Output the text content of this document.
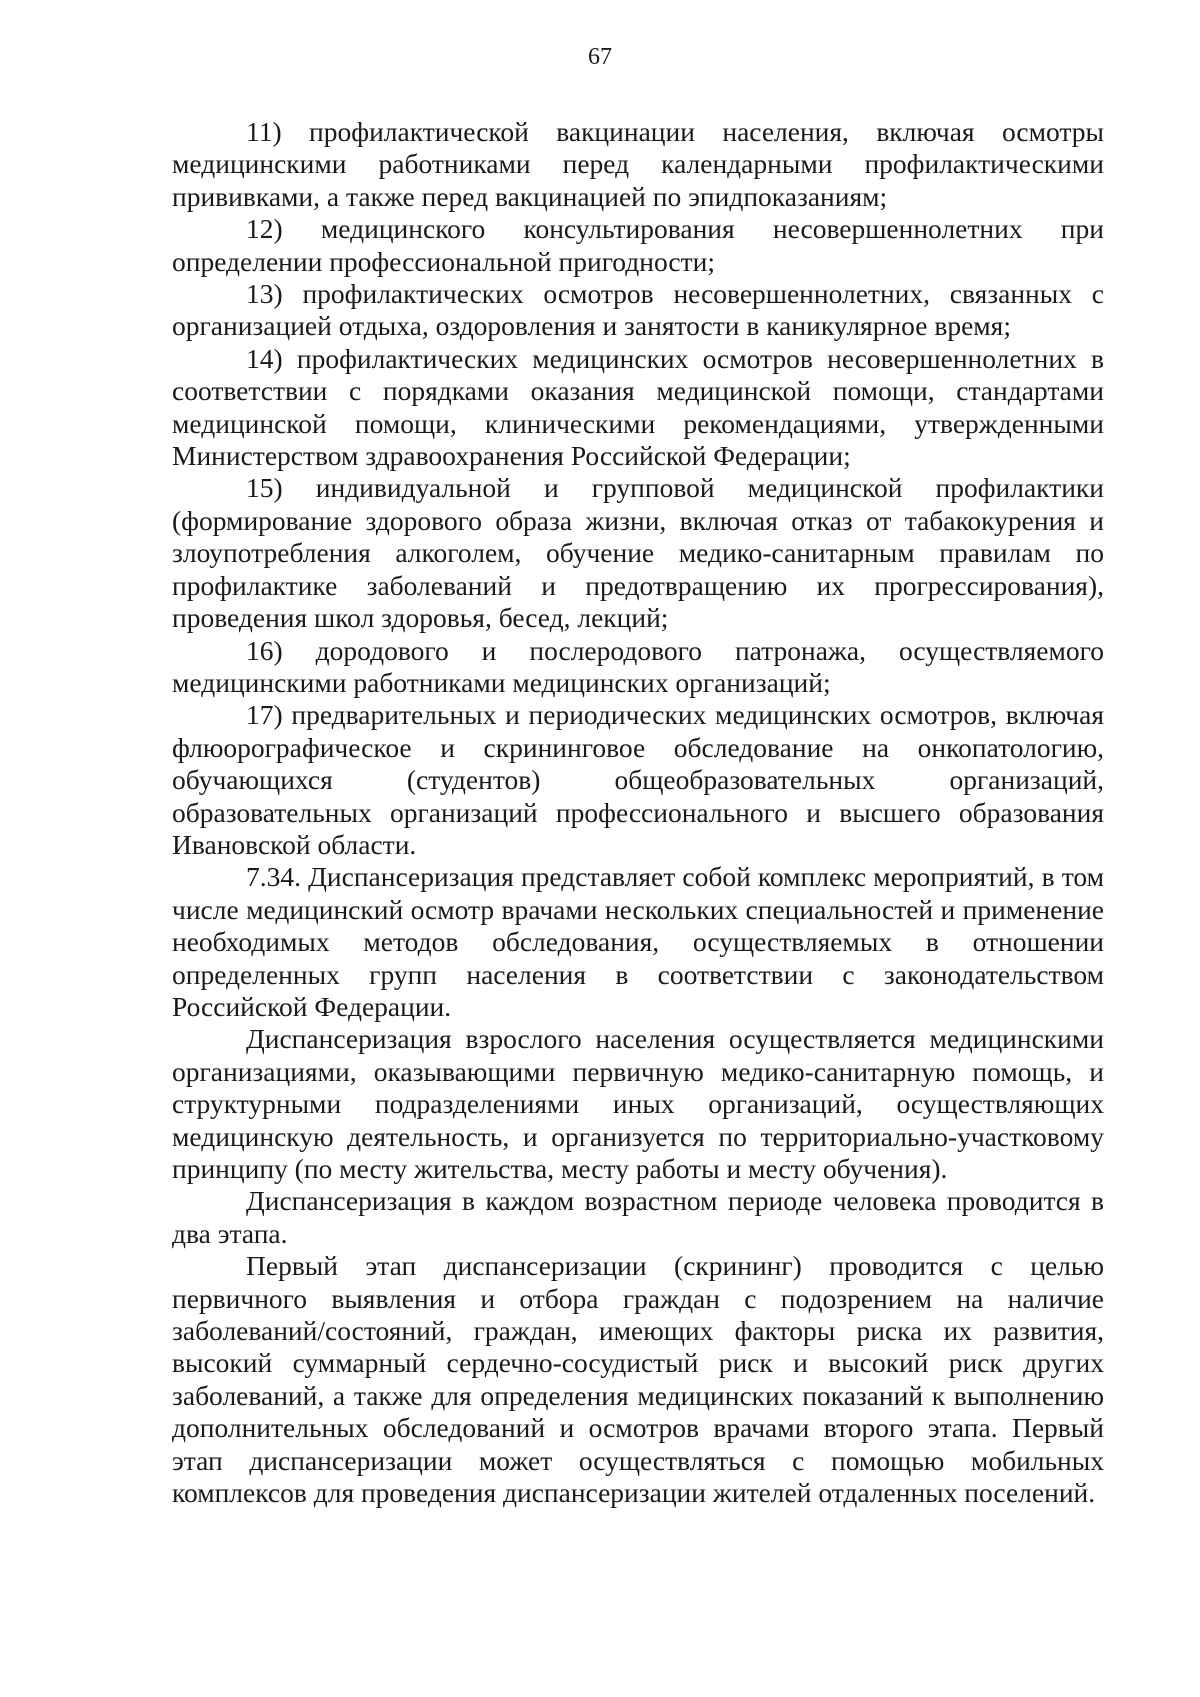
67

11) профилактической вакцинации населения, включая осмотры медицинскими работниками перед календарными профилактическими прививками, а также перед вакцинацией по эпидпоказаниям;

12) медицинского консультирования несовершеннолетних при определении профессиональной пригодности;

13) профилактических осмотров несовершеннолетних, связанных с организацией отдыха, оздоровления и занятости в каникулярное время;

14) профилактических медицинских осмотров несовершеннолетних в соответствии с порядками оказания медицинской помощи, стандартами медицинской помощи, клиническими рекомендациями, утвержденными Министерством здравоохранения Российской Федерации;

15) индивидуальной и групповой медицинской профилактики (формирование здорового образа жизни, включая отказ от табакокурения и злоупотребления алкоголем, обучение медико-санитарным правилам по профилактике заболеваний и предотвращению их прогрессирования), проведения школ здоровья, бесед, лекций;

16) дородового и послеродового патронажа, осуществляемого медицинскими работниками медицинских организаций;

17) предварительных и периодических медицинских осмотров, включая флюорографическое и скрининговое обследование на онкопатологию, обучающихся (студентов) общеобразовательных организаций, образовательных организаций профессионального и высшего образования Ивановской области.

7.34. Диспансеризация представляет собой комплекс мероприятий, в том числе медицинский осмотр врачами нескольких специальностей и применение необходимых методов обследования, осуществляемых в отношении определенных групп населения в соответствии с законодательством Российской Федерации.

Диспансеризация взрослого населения осуществляется медицинскими организациями, оказывающими первичную медико-санитарную помощь, и структурными подразделениями иных организаций, осуществляющих медицинскую деятельность, и организуется по территориально-участковому принципу (по месту жительства, месту работы и месту обучения).

Диспансеризация в каждом возрастном периоде человека проводится в два этапа.

Первый этап диспансеризации (скрининг) проводится с целью первичного выявления и отбора граждан с подозрением на наличие заболеваний/состояний, граждан, имеющих факторы риска их развития, высокий суммарный сердечно-сосудистый риск и высокий риск других заболеваний, а также для определения медицинских показаний к выполнению дополнительных обследований и осмотров врачами второго этапа. Первый этап диспансеризации может осуществляться с помощью мобильных комплексов для проведения диспансеризации жителей отдаленных поселений.
